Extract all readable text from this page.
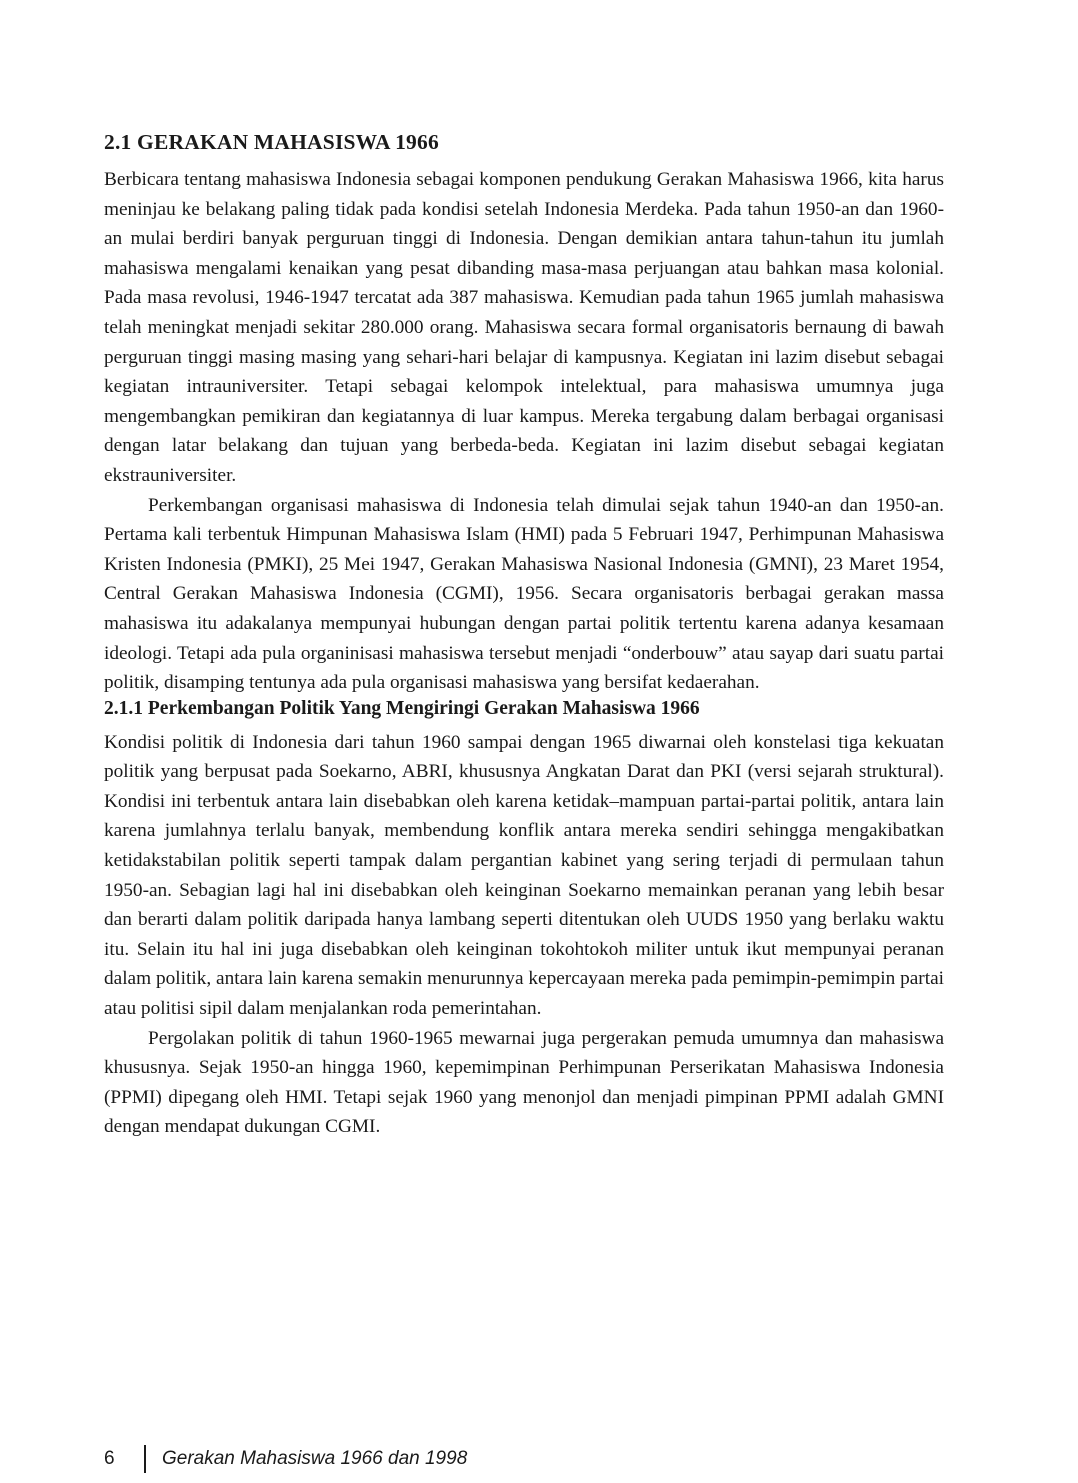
2.1 GERAKAN MAHASISWA 1966

Berbicara tentang mahasiswa Indonesia sebagai komponen pendukung Gerakan Mahasiswa 1966, kita harus meninjau ke belakang paling tidak pada kondisi setelah Indonesia Merdeka. Pada tahun 1950-an dan 1960-an mulai berdiri banyak perguruan tinggi di Indonesia. Dengan demikian antara tahun-tahun itu jumlah mahasiswa mengalami kenaikan yang pesat dibanding masa-masa perjuangan atau bahkan masa kolonial. Pada masa revolusi, 1946-1947 tercatat ada 387 mahasiswa. Kemudian pada tahun 1965 jumlah mahasiswa telah meningkat menjadi sekitar 280.000 orang. Mahasiswa secara formal organisatoris bernaung di bawah perguruan tinggi masing masing yang sehari-hari belajar di kampusnya. Kegiatan ini lazim disebut sebagai kegiatan intrauniversiter. Tetapi sebagai kelompok intelektual, para mahasiswa umumnya juga mengembangkan pemikiran dan kegiatannya di luar kampus. Mereka tergabung dalam berbagai organisasi dengan latar belakang dan tujuan yang berbeda-beda. Kegiatan ini lazim disebut sebagai kegiatan ekstrauniversiter.

Perkembangan organisasi mahasiswa di Indonesia telah dimulai sejak tahun 1940-an dan 1950-an. Pertama kali terbentuk Himpunan Mahasiswa Islam (HMI) pada 5 Februari 1947, Perhimpunan Mahasiswa Kristen Indonesia (PMKI), 25 Mei 1947, Gerakan Mahasiswa Nasional Indonesia (GMNI), 23 Maret 1954, Central Gerakan Mahasiswa Indonesia (CGMI), 1956. Secara organisatoris berbagai gerakan massa mahasiswa itu adakalanya mempunyai hubungan dengan partai politik tertentu karena adanya kesamaan ideologi. Tetapi ada pula organinisasi mahasiswa tersebut menjadi “onderbouw” atau sayap dari suatu partai politik, disamping tentunya ada pula organisasi mahasiswa yang bersifat kedaerahan.

2.1.1 Perkembangan Politik Yang Mengiringi Gerakan Mahasiswa 1966

Kondisi politik di Indonesia dari tahun 1960 sampai dengan 1965 diwarnai oleh konstelasi tiga kekuatan politik yang berpusat pada Soekarno, ABRI, khususnya Angkatan Darat dan PKI (versi sejarah struktural). Kondisi ini terbentuk antara lain disebabkan oleh karena ketidak–mampuan partai-partai politik, antara lain karena jumlahnya terlalu banyak, membendung konflik antara mereka sendiri sehingga mengakibatkan ketidakstabilan politik seperti tampak dalam pergantian kabinet yang sering terjadi di permulaan tahun 1950-an. Sebagian lagi hal ini disebabkan oleh keinginan Soekarno memainkan peranan yang lebih besar dan berarti dalam politik daripada hanya lambang seperti ditentukan oleh UUDS 1950 yang berlaku waktu itu. Selain itu hal ini juga disebabkan oleh keinginan tokohtokoh militer untuk ikut mempunyai peranan dalam politik, antara lain karena semakin menurunnya kepercayaan mereka pada pemimpin-pemimpin partai atau politisi sipil dalam menjalankan roda pemerintahan.

Pergolakan politik di tahun 1960-1965 mewarnai juga pergerakan pemuda umumnya dan mahasiswa khususnya. Sejak 1950-an hingga 1960, kepemimpinan Perhimpunan Perserikatan Mahasiswa Indonesia (PPMI) dipegang oleh HMI. Tetapi sejak 1960 yang menonjol dan menjadi pimpinan PPMI adalah GMNI dengan mendapat dukungan CGMI.

6	Gerakan Mahasiswa 1966 dan 1998
